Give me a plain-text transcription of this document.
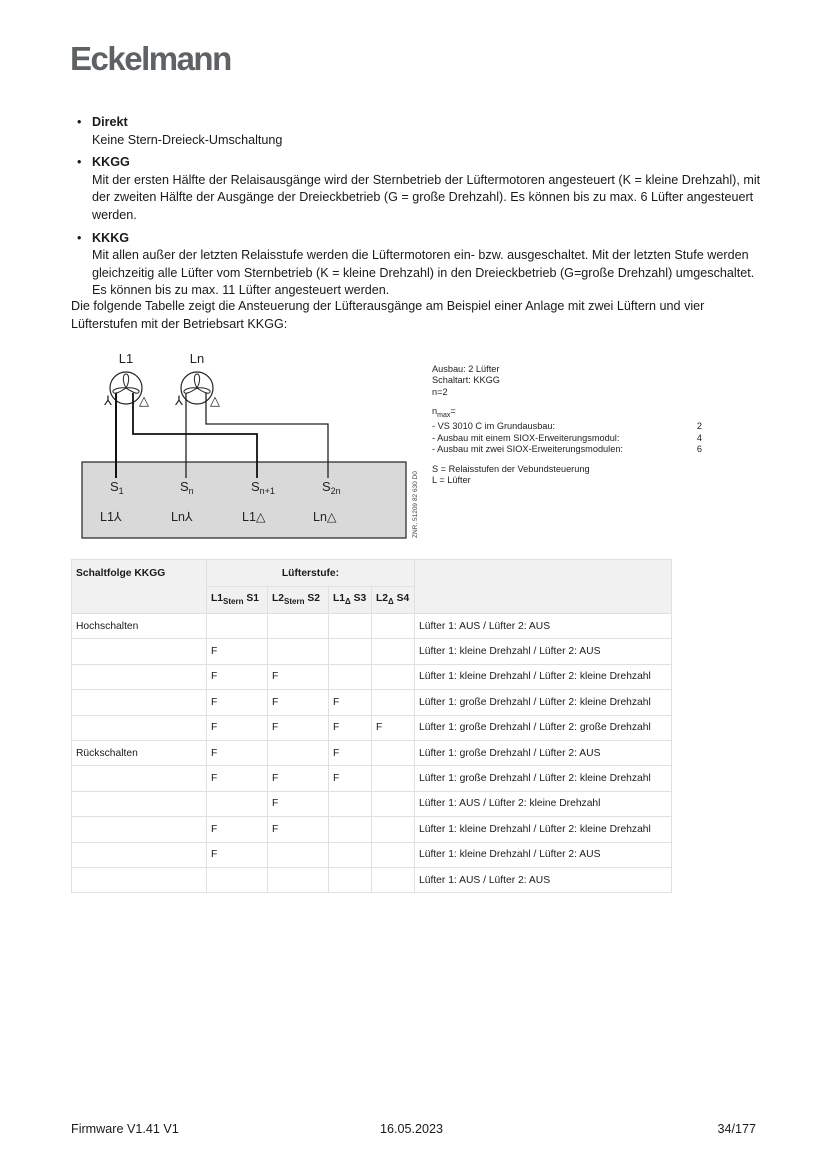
Eckelmann
• Direkt
Keine Stern-Dreieck-Umschaltung
• KKGG
Mit der ersten Hälfte der Relaisausgänge wird der Sternbetrieb der Lüftermotoren angesteuert (K = kleine Drehzahl), mit der zweiten Hälfte der Ausgänge der Dreieckbetrieb (G = große Drehzahl). Es können bis zu max. 6 Lüfter angesteuert werden.
• KKKG
Mit allen außer der letzten Relaisstufe werden die Lüftermotoren ein- bzw. ausgeschaltet. Mit der letzten Stufe werden gleichzeitig alle Lüfter vom Sternbetrieb (K = kleine Drehzahl) in den Dreieckbetrieb (G=große Drehzahl) umgeschaltet. Es können bis zu max. 11 Lüfter angesteuert werden.

Die folgende Tabelle zeigt die Ansteuerung der Lüfterausgänge am Beispiel einer Anlage mit zwei Lüftern und vier Lüfterstufen mit der Betriebsart KKGG:

L1	Ln
⅄ △ ⅄ △
$S_1$
L1⅄
$S_n$
Ln⅄
$S_{n+1}$
L1△
$S_{2n}$
Ln△	ZNR. 51209 82 630 D0
Ausbau: 2 Lüfter
Schaltart: KKGG
n=2
$n_{max}=$
- VS 3010 C im Grundausbau:	2
- Ausbau mit einem SIOX-Erweiterungsmodul:	4
- Ausbau mit zwei SIOX-Erweiterungsmodulen:	6
S = Relaisstufen der Vebundsteuerung
L = Lüfter
Schaltfolge KKGG	Lüfterstufe:				
	$L1_{Stern}$ S1	$L2_{Stern}$ S2	$L1_\Delta$ S3	$L2_\Delta$ S4	
Hochschalten					Lüfter 1: AUS / Lüfter 2: AUS
	F				Lüfter 1: kleine Drehzahl / Lüfter 2: AUS
	F	F			Lüfter 1: kleine Drehzahl / Lüfter 2: kleine Drehzahl
	F	F	F		Lüfter 1: große Drehzahl / Lüfter 2: kleine Drehzahl
	F	F	F	F	Lüfter 1: große Drehzahl / Lüfter 2: große Drehzahl
Rückschalten	F		F		Lüfter 1: große Drehzahl / Lüfter 2: AUS
	F	F	F		Lüfter 1: große Drehzahl / Lüfter 2: kleine Drehzahl
		F			Lüfter 1: AUS / Lüfter 2: kleine Drehzahl
	F	F			Lüfter 1: kleine Drehzahl / Lüfter 2: kleine Drehzahl
	F				Lüfter 1: kleine Drehzahl / Lüfter 2: AUS
					Lüfter 1: AUS / Lüfter 2: AUS
Firmware V1.41 V1	16.05.2023	34/177
